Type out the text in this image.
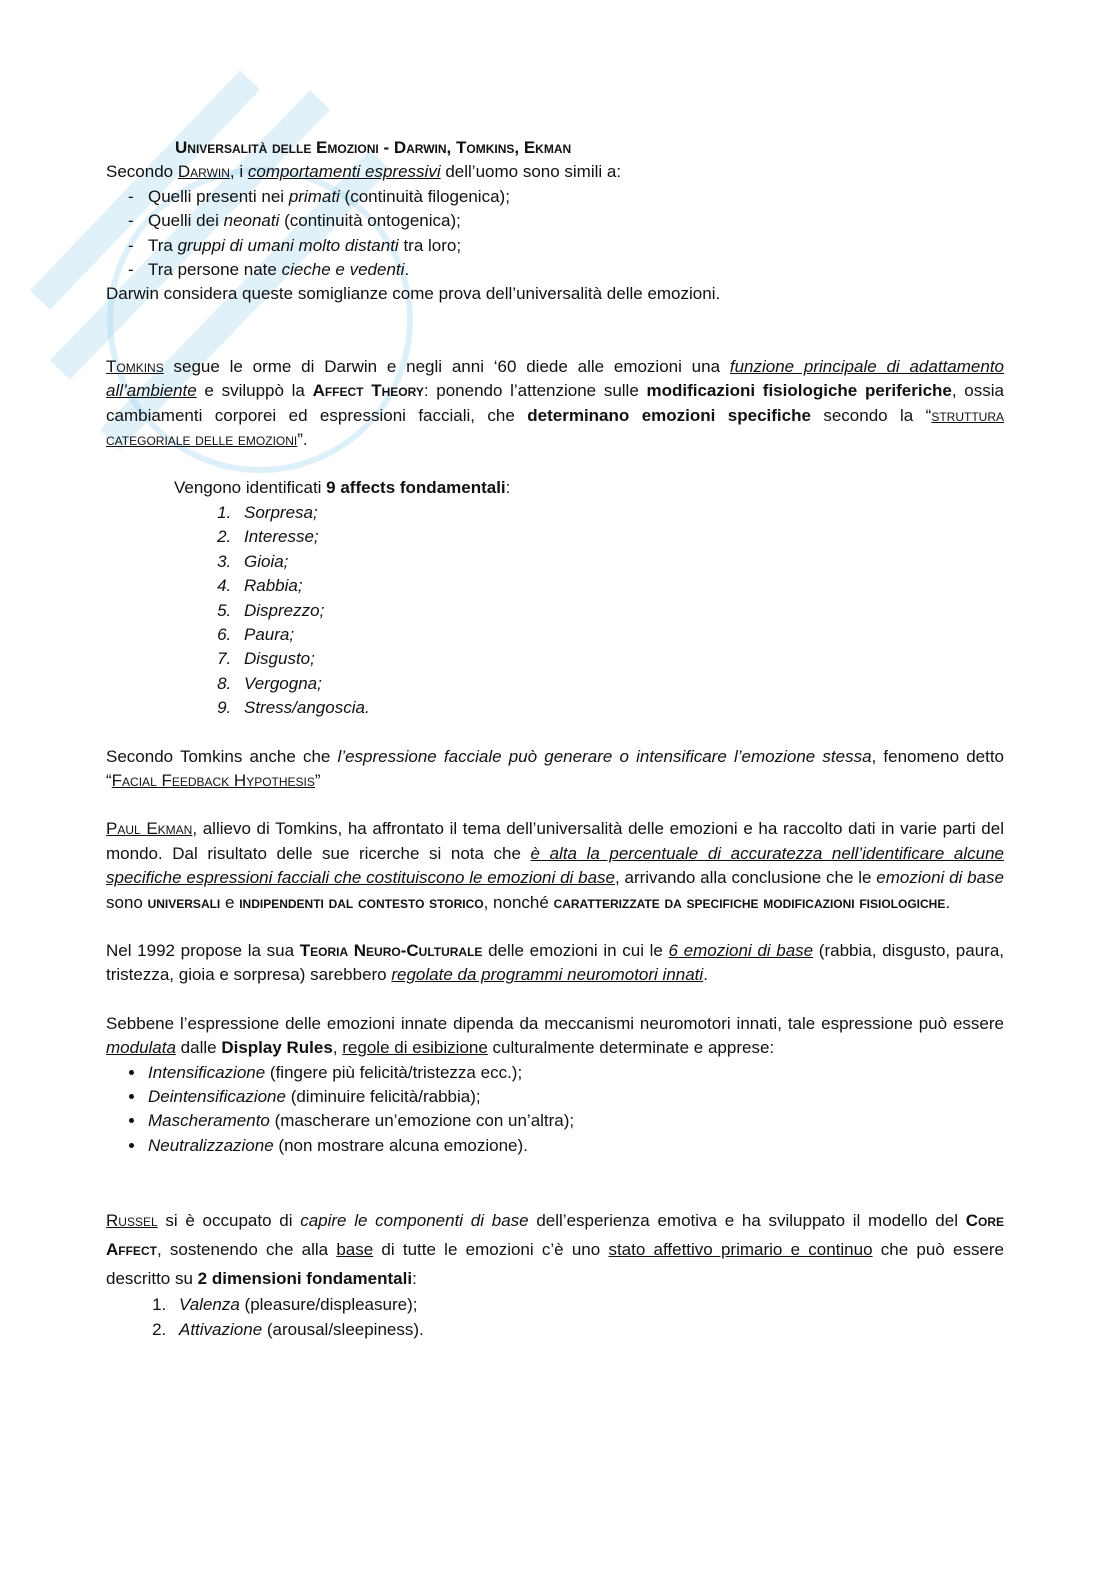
Universalità delle Emozioni - Darwin, Tomkins, Ekman

Secondo Darwin, i comportamenti espressivi dell’uomo sono simili a:

- Quelli presenti nei primati (continuità filogenica);
- Quelli dei neonati (continuità ontogenica);
- Tra gruppi di umani molto distanti tra loro;
- Tra persone nate cieche e vedenti.

Darwin considera queste somiglianze come prova dell’universalità delle emozioni.

Tomkins segue le orme di Darwin e negli anni ‘60 diede alle emozioni una funzione principale di adattamento all’ambiente e sviluppò la Affect Theory: ponendo l’attenzione sulle modificazioni fisiologiche periferiche, ossia cambiamenti corporei ed espressioni facciali, che determinano emozioni specifiche secondo la “struttura categoriale delle emozioni”.

Vengono identificati 9 affects fondamentali:

1. Sorpresa;
2. Interesse;
3. Gioia;
4. Rabbia;
5. Disprezzo;
6. Paura;
7. Disgusto;
8. Vergogna;
9. Stress/angoscia.

Secondo Tomkins anche che l’espressione facciale può generare o intensificare l’emozione stessa, fenomeno detto “Facial Feedback Hypothesis”

Paul Ekman, allievo di Tomkins, ha affrontato il tema dell’universalità delle emozioni e ha raccolto dati in varie parti del mondo. Dal risultato delle sue ricerche si nota che è alta la percentuale di accuratezza nell’identificare alcune specifiche espressioni facciali che costituiscono le emozioni di base, arrivando alla conclusione che le emozioni di base sono universali e indipendenti dal contesto storico, nonché caratterizzate da specifiche modificazioni fisiologiche.

Nel 1992 propose la sua Teoria Neuro-Culturale delle emozioni in cui le 6 emozioni di base (rabbia, disgusto, paura, tristezza, gioia e sorpresa) sarebbero regolate da programmi neuromotori innati.

Sebbene l’espressione delle emozioni innate dipenda da meccanismi neuromotori innati, tale espressione può essere modulata dalle Display Rules, regole di esibizione culturalmente determinate e apprese:

• Intensificazione (fingere più felicità/tristezza ecc.);
• Deintensificazione (diminuire felicità/rabbia);
• Mascheramento (mascherare un’emozione con un’altra);
• Neutralizzazione (non mostrare alcuna emozione).

Russel si è occupato di capire le componenti di base dell’esperienza emotiva e ha sviluppato il modello del Core Affect, sostenendo che alla base di tutte le emozioni c’è uno stato affettivo primario e continuo che può essere descritto su 2 dimensioni fondamentali:

1. Valenza (pleasure/displeasure);
2. Attivazione (arousal/sleepiness).
